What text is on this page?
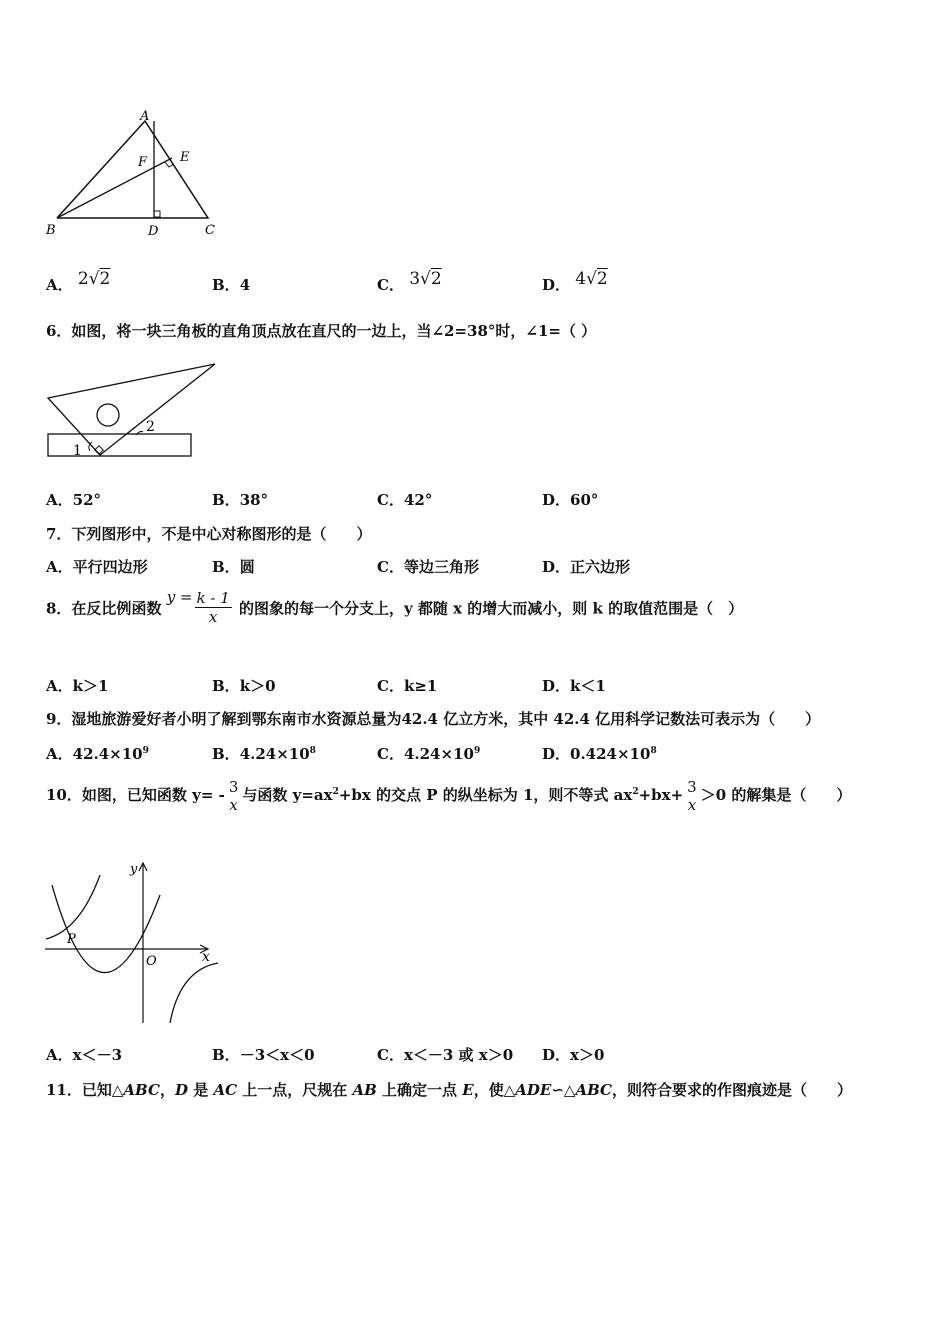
A
B	D	C
E
F
A． 2√2	B．4	C． 3√2	D． 4√2
6．如图，将一块三角板的直角顶点放在直尺的一边上，当∠2=38°时，∠1=（ ）
1
2
A．52°	B．38°	C．42°	D．60°
7．下列图形中，不是中心对称图形的是（　　）
A．平行四边形	B．圆	C．等边三角形	D．正六边形
8．在反比例函数 $y = \frac{k - 1}{x}$ 的图象的每一个分支上，y 都随 x 的增大而减小，则 k 的取值范围是（　）
A．k＞1	B．k＞0	C．k≥1	D．k＜1
9．湿地旅游爱好者小明了解到鄂东南市水资源总量为42.4 亿立方米，其中 42.4 亿用科学记数法可表示为（　　）
A．$42.4\times 10^9$	B．$4.24\times 10^8$	C．$4.24\times 10^9$	D．$0.424\times 10^8$
10．如图，已知函数 y= - 3
x
与函数 $y=ax^2+bx$ 的交点 P 的纵坐标为 1，则不等式 $ax^2+bx+ 3$
x
＞0 的解集是（　　）
y
x
O
P
A．x＜－3	B．－3＜x＜0	C．x＜－3 或 x＞0 D．x＞0
11．已知△ABC，D 是 AC 上一点，尺规在 AB 上确定一点 E，使△ADE∽△ABC，则符合要求的作图痕迹是（　　）
